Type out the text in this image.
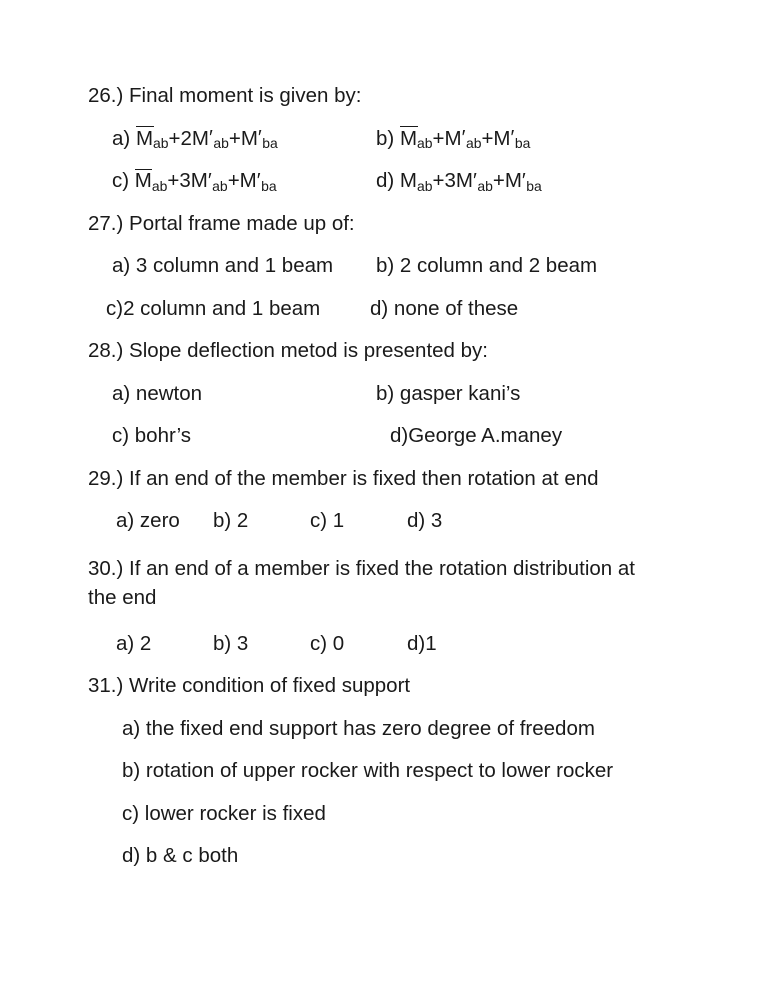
26.) Final moment is given by:

a) $M_{ab}+2M'_{ab}+M'_{ba}$	b) $M_{ab}+M'_{ab}+M'_{ba}$
c) $M_{ab}+3M'_{ab}+M'_{ba}$	d) $M_{ab}+3M'_{ab}+M'_{ba}$

27.) Portal frame made up of:

a) 3 column and 1 beam	b) 2 column and 2 beam
c)2 column and 1 beam	d) none of these

28.) Slope deflection metod is presented by:

a) newton	b) gasper kani’s
c) bohr’s	d)George A.maney

29.) If an end of the member is fixed then rotation at end

a) zero	b) 2	c) 1	d) 3

30.) If an end of a member is fixed the rotation distribution at
the end

a) 2	b) 3	c) 0	d)1

31.) Write condition of fixed support

a) the fixed end support has zero degree of freedom
b) rotation of upper rocker with respect to lower rocker
c) lower rocker is fixed
d) b & c both
